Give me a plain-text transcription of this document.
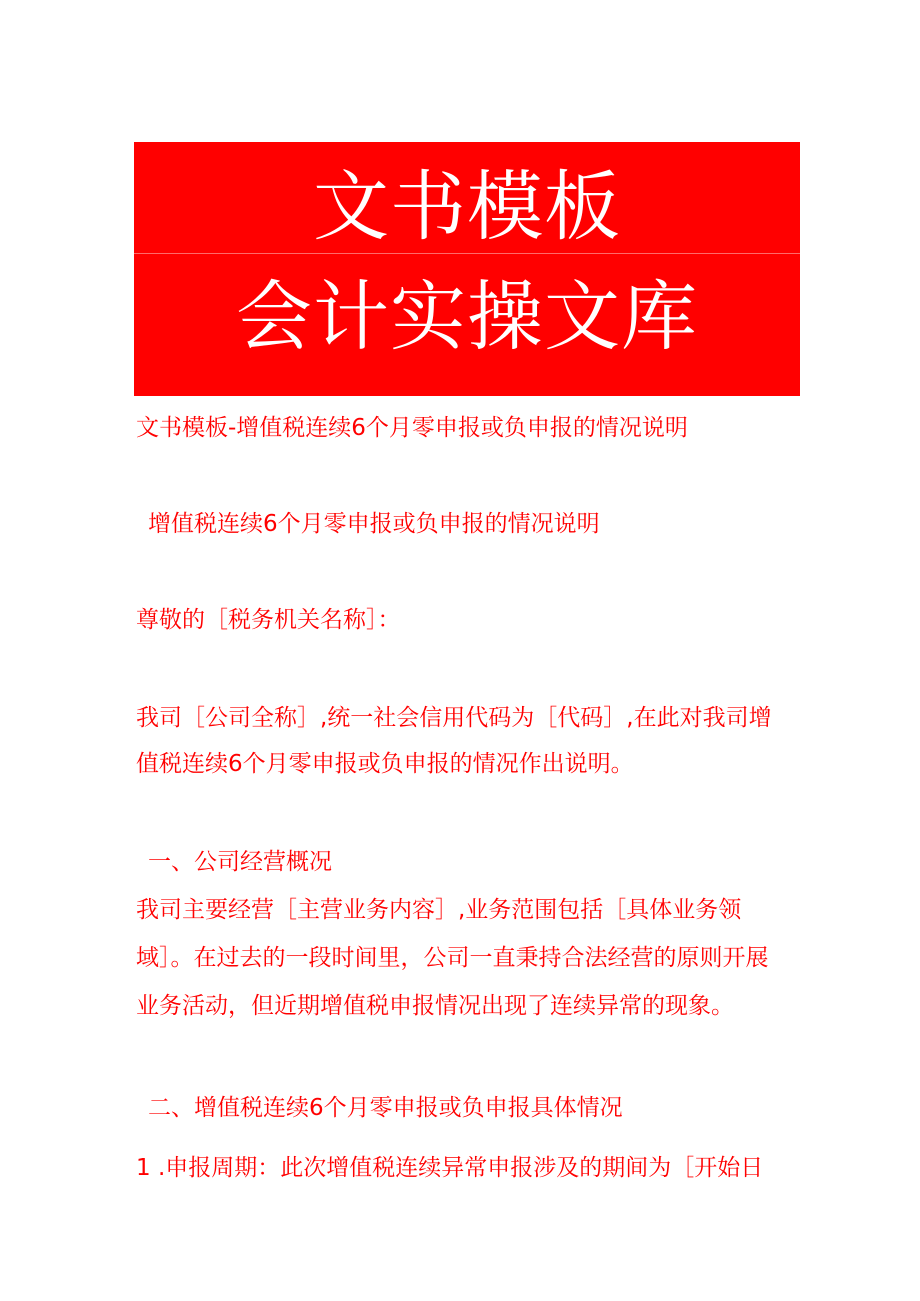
文书模板
会计实操文库
文书模板-增值税连续6个月零申报或负申报的情况说明
增值税连续6个月零申报或负申报的情况说明
尊敬的［税务机关名称］：
我司［公司全称］,统一社会信用代码为［代码］,在此对我司增
值税连续6个月零申报或负申报的情况作出说明。
一、公司经营概况
我司主要经营［主营业务内容］,业务范围包括［具体业务领
域］。在过去的一段时间里，公司一直秉持合法经营的原则开展
业务活动，但近期增值税申报情况出现了连续异常的现象。
二、增值税连续6个月零申报或负申报具体情况
1 .申报周期：此次增值税连续异常申报涉及的期间为［开始日
